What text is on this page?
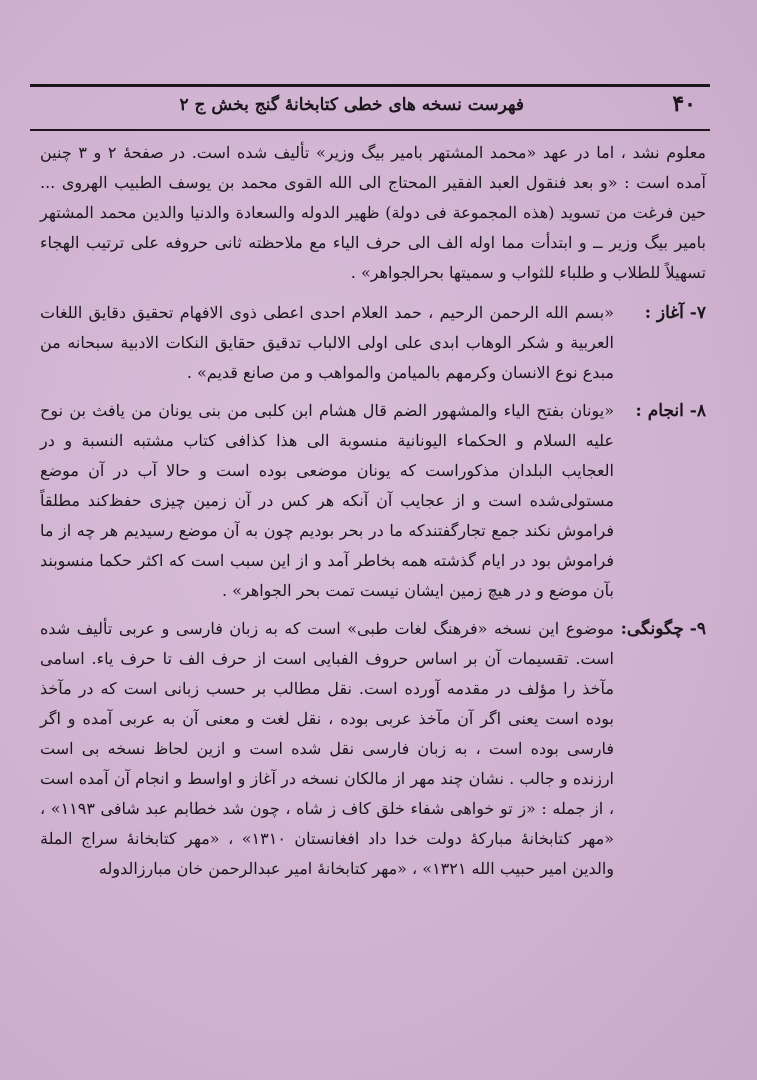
۴۰
فهرست نسخه های خطی کتابخانهٔ گنج بخش ج ۲

معلوم نشد ، اما در عهد «محمد المشتهر بامیر بیگ وزیر» تألیف شده است. در صفحهٔ ۲ و ۳ چنین آمده است : «و بعد فنقول العبد الفقیر المحتاج الی الله القوی محمد بن یوسف الطبیب الهروی ... حین فرغت من تسوید (هذه المجموعة فی دولة) ظهیر الدوله والسعادة والدنیا والدین محمد المشتهر بامیر بیگ وزیر ــ و ابتدأت مما اوله الف الی حرف الیاء مع ملاحظته ثانی حروفه علی ترتیب الهجاء تسهیلاً للطلاب و طلباء للثواب و سمیتها بحرالجواهر» .

۷- آغاز :
«بسم الله الرحمن الرحیم ، حمد العلام احدی اعطی ذوی الافهام تحقیق دقایق اللغات العربیة و شکر الوهاب ابدی علی اولی الالباب تدقیق حقایق النکات الادبیة سبحانه من مبدع نوع الانسان وکرمهم بالمیامن والمواهب و من صانع قدیم» .
۸- انجام :
«یونان بفتح الیاء والمشهور الضم قال هشام ابن کلبی من بنی یونان من یافث بن نوح علیه السلام و الحکماء الیونانیة منسوبة الی هذا کذافی کتاب مشتبه النسبة و در العجایب البلدان مذکوراست که یونان موضعی بوده است و حالا آب در آن موضع مستولی‌شده است و از عجایب آن آنکه هر کس در آن زمین چیزی حفظ‌کند مطلقاً فراموش نکند جمع تجارگفتندکه ما در بحر بودیم چون به آن موضع رسیدیم هر چه از ما فراموش بود در ایام گذشته همه بخاطر آمد و از این سبب است که اکثر حکما منسوبند بآن موضع و در هیچ زمین ایشان نیست تمت بحر الجواهر» .
۹- چگونگی:
موضوع این نسخه «فرهنگ لغات طبی» است که به زبان فارسی و عربی تألیف شده است. تقسیمات آن بر اساس حروف الفبایی است از حرف الف تا حرف یاء. اسامی مآخذ را مؤلف در مقدمه آورده است. نقل مطالب بر حسب زبانی است که در مآخذ بوده است یعنی اگر آن مآخذ عربی بوده ، نقل لغت و معنی آن به عربی آمده و اگر فارسی بوده است ، به زبان فارسی نقل شده است و ازین لحاظ نسخه‌ بی است ارزنده و جالب . نشان چند مهر از مالکان نسخه در آغاز و اواسط و انجام آن آمده است ، از جمله : «ز تو خواهی شفاء خلق کاف ز شاه ، چون شد خطابم عبد شافی ۱۱۹۳» ، «مهر کتابخانهٔ مبارکهٔ دولت خدا داد افغانستان ۱۳۱۰» ، «مهر کتابخانهٔ سراج الملة والدین امیر حبیب الله ۱۳۲۱» ، «مهر کتابخانهٔ امیر عبدالرحمن خان مبارزالدوله
